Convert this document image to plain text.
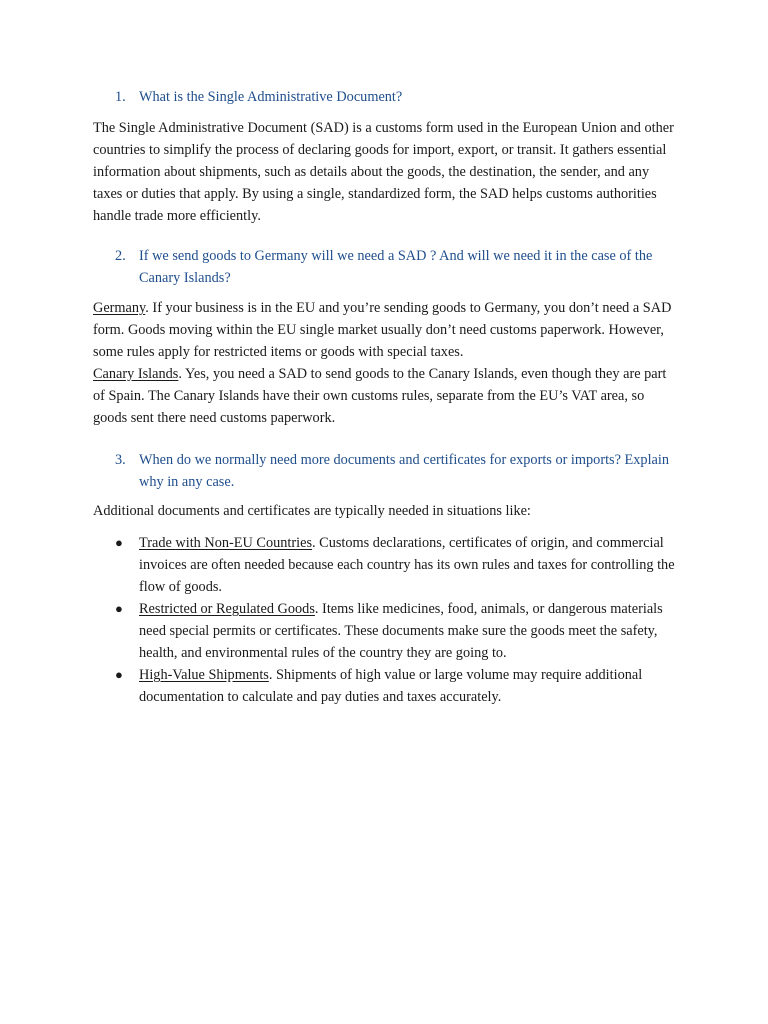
1. What is the Single Administrative Document?

The Single Administrative Document (SAD) is a customs form used in the European Union and other countries to simplify the process of declaring goods for import, export, or transit. It gathers essential information about shipments, such as details about the goods, the destination, the sender, and any taxes or duties that apply. By using a single, standardized form, the SAD helps customs authorities handle trade more efficiently.

2. If we send goods to Germany will we need a SAD ? And will we need it in the case of the Canary Islands?

Germany. If your business is in the EU and you’re sending goods to Germany, you don’t need a SAD form. Goods moving within the EU single market usually don’t need customs paperwork. However, some rules apply for restricted items or goods with special taxes.

Canary Islands. Yes, you need a SAD to send goods to the Canary Islands, even though they are part of Spain. The Canary Islands have their own customs rules, separate from the EU’s VAT area, so goods sent there need customs paperwork.

3. When do we normally need more documents and certificates for exports or imports? Explain why in any case.

Additional documents and certificates are typically needed in situations like:

● Trade with Non-EU Countries. Customs declarations, certificates of origin, and commercial invoices are often needed because each country has its own rules and taxes for controlling the flow of goods.
● Restricted or Regulated Goods. Items like medicines, food, animals, or dangerous materials need special permits or certificates. These documents make sure the goods meet the safety, health, and environmental rules of the country they are going to.
● High-Value Shipments. Shipments of high value or large volume may require additional documentation to calculate and pay duties and taxes accurately.
